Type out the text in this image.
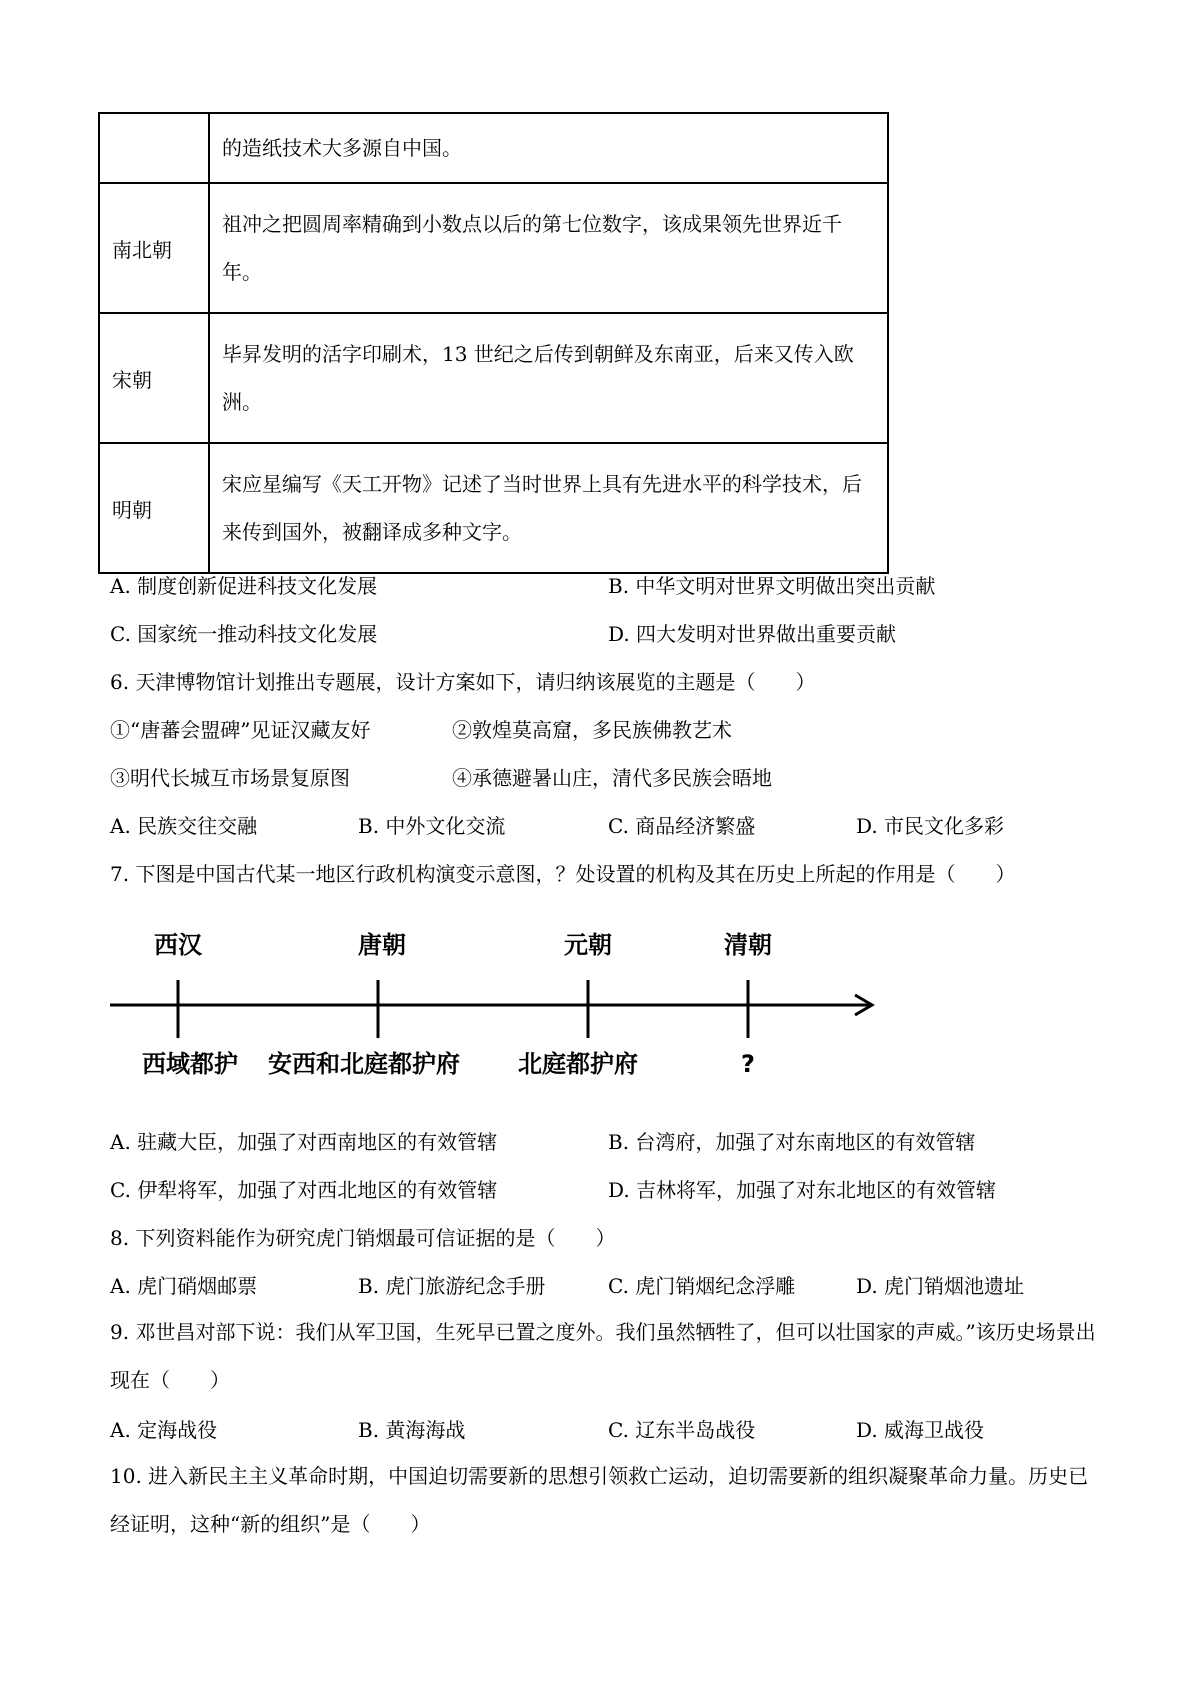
	的造纸技术大多源自中国。
南北朝	祖冲之把圆周率精确到小数点以后的第七位数字，该成果领先世界近千年。
宋朝	毕昇发明的活字印刷术，13 世纪之后传到朝鲜及东南亚，后来又传入欧洲。
明朝	宋应星编写《天工开物》记述了当时世界上具有先进水平的科学技术，后来传到国外，被翻译成多种文字。
A. 制度创新促进科技文化发展	B. 中华文明对世界文明做出突出贡献
C. 国家统一推动科技文化发展	D. 四大发明对世界做出重要贡献
6. 天津博物馆计划推出专题展，设计方案如下，请归纳该展览的主题是（　　）
①“唐蕃会盟碑”见证汉藏友好	②敦煌莫高窟，多民族佛教艺术
③明代长城互市场景复原图	④承德避暑山庄，清代多民族会晤地
A. 民族交往交融	B. 中外文化交流	C. 商品经济繁盛	D. 市民文化多彩
7. 下图是中国古代某一地区行政机构演变示意图，？处设置的机构及其在历史上所起的作用是（　　）
西汉	唐朝	元朝	清朝
西域都护 安西和北庭都护府 北庭都护府	?
A. 驻藏大臣，加强了对西南地区的有效管辖	B. 台湾府，加强了对东南地区的有效管辖
C. 伊犁将军，加强了对西北地区的有效管辖	D. 吉林将军，加强了对东北地区的有效管辖
8. 下列资料能作为研究虎门销烟最可信证据的是（　　）
A. 虎门硝烟邮票	B. 虎门旅游纪念手册	C. 虎门销烟纪念浮雕	D. 虎门销烟池遗址
9. 邓世昌对部下说：我们从军卫国，生死早已置之度外。我们虽然牺牲了，但可以壮国家的声威。”该历史场景出现在（　　）
A. 定海战役	B. 黄海海战	C. 辽东半岛战役	D. 威海卫战役
10. 进入新民主主义革命时期，中国迫切需要新的思想引领救亡运动，迫切需要新的组织凝聚革命力量。历史已经证明，这种“新的组织”是（　　）
